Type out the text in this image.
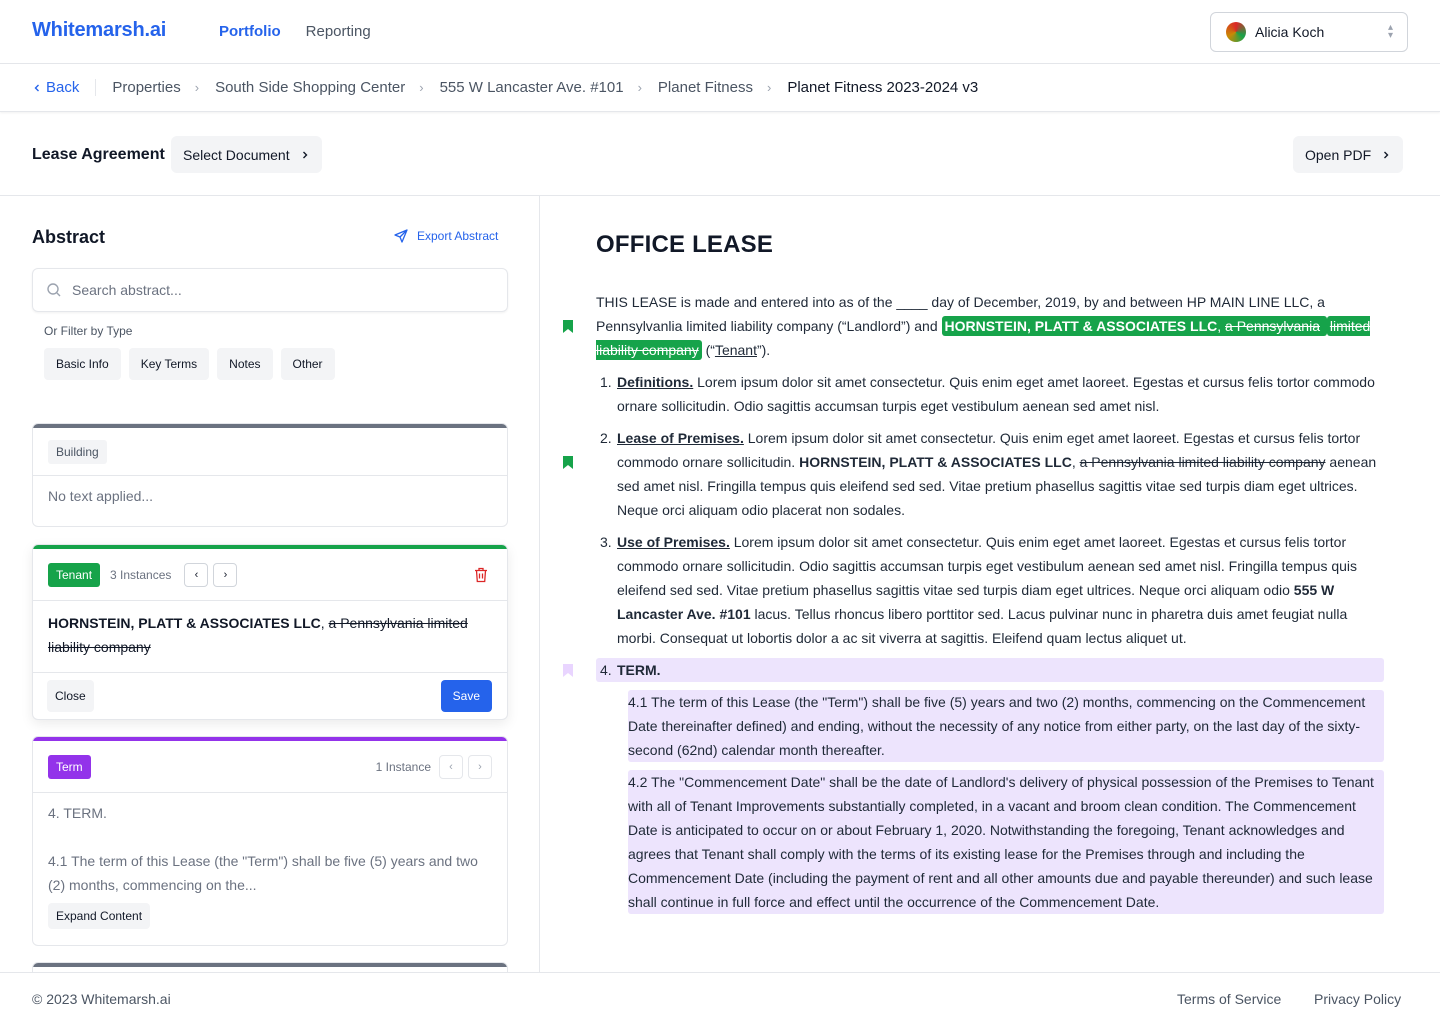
Whitemarsh.ai	Portfolio Reporting	Alicia Koch	▴
▾
Back Properties › South Side Shopping Center › 555 W Lancaster Ave. #101 › Planet Fitness › Planet Fitness 2023-2024 v3
Lease Agreement Select Document	Open PDF
Abstract	Export Abstract
Search abstract...
Or Filter by Type
Basic Info	Key Terms	Notes	Other
Building
No text applied...
Tenant	3 Instances	‹	›
HORNSTEIN, PLATT & ASSOCIATES LLC, a Pennsylvania limited liability company
Close	Save
Term	1 Instance	‹	›
4. TERM.
4.1 The term of this Lease (the "Term") shall be five (5) years and two (2) months, commencing on the...
Expand Content
OFFICE LEASE
THIS LEASE is made and entered into as of the ____ day of December, 2019, by and between HP MAIN LINE LLC, a Pennsylvanlia limited liability company (“Landlord”) and HORNSTEIN, PLATT & ASSOCIATES LLC, a Pennsylvania limited liability company (“Tenant”).
1. Definitions. Lorem ipsum dolor sit amet consectetur. Quis enim eget amet laoreet. Egestas et cursus felis tortor commodo ornare sollicitudin. Odio sagittis accumsan turpis eget vestibulum aenean sed amet nisl.
2. Lease of Premises. Lorem ipsum dolor sit amet consectetur. Quis enim eget amet laoreet. Egestas et cursus felis tortor commodo ornare sollicitudin. HORNSTEIN, PLATT & ASSOCIATES LLC, a Pennsylvania limited liability company aenean sed amet nisl. Fringilla tempus quis eleifend sed sed. Vitae pretium phasellus sagittis vitae sed turpis diam eget ultrices. Neque orci aliquam odio placerat non sodales.
3. Use of Premises. Lorem ipsum dolor sit amet consectetur. Quis enim eget amet laoreet. Egestas et cursus felis tortor commodo ornare sollicitudin. Odio sagittis accumsan turpis eget vestibulum aenean sed amet nisl. Fringilla tempus quis eleifend sed sed. Vitae pretium phasellus sagittis vitae sed turpis diam eget ultrices. Neque orci aliquam odio 555 W Lancaster Ave. #101 lacus. Tellus rhoncus libero porttitor sed. Lacus pulvinar nunc in pharetra duis amet feugiat nulla morbi. Consequat ut lobortis dolor a ac sit viverra at sagittis. Eleifend quam lectus aliquet ut.
4. TERM.
4.1 The term of this Lease (the "Term") shall be five (5) years and two (2) months, commencing on the Commencement Date thereinafter defined) and ending, without the necessity of any notice from either party, on the last day of the sixty-second (62nd) calendar month thereafter.
4.2 The "Commencement Date" shall be the date of Landlord's delivery of physical possession of the Premises to Tenant with all of Tenant Improvements substantially completed, in a vacant and broom clean condition. The Commencement Date is anticipated to occur on or about February 1, 2020. Notwithstanding the foregoing, Tenant acknowledges and agrees that Tenant shall comply with the terms of its existing lease for the Premises through and including the Commencement Date (including the payment of rent and all other amounts due and payable thereunder) and such lease shall continue in full force and effect until the occurrence of the Commencement Date.
© 2023 Whitemarsh.ai	Terms of Service Privacy Policy
